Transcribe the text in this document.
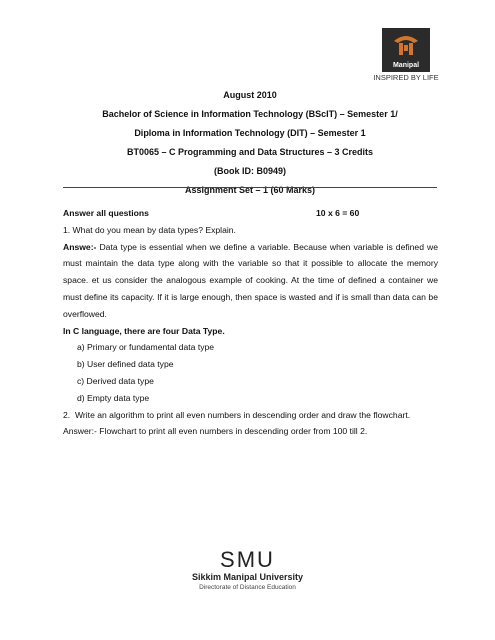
Manipal
INSPIRED BY LIFE
August 2010
Bachelor of Science in Information Technology (BScIT) – Semester 1/
Diploma in Information Technology (DIT) – Semester 1
BT0065 – C Programming and Data Structures – 3 Credits
(Book ID: B0949)
Assignment Set – 1 (60 Marks)
Answer all questions	10 x 6 = 60
1. What do you mean by data types? Explain.
Answe:- Data type is essential when we define a variable. Because when variable is defined we must maintain the data type along with the variable so that it possible to allocate the memory space. et us consider the analogous example of cooking. At the time of defined a container we must define its capacity. If it is large enough, then space is wasted and if is small than data can be overflowed.
In C language, there are four Data Type.
a) Primary or fundamental data type
b) User defined data type
c) Derived data type
d) Empty data type
2. Write an algorithm to print all even numbers in descending order and draw the flowchart.
Answer:- Flowchart to print all even numbers in descending order from 100 till 2.
SMU
Sikkim Manipal University
Directorate of Distance Education
